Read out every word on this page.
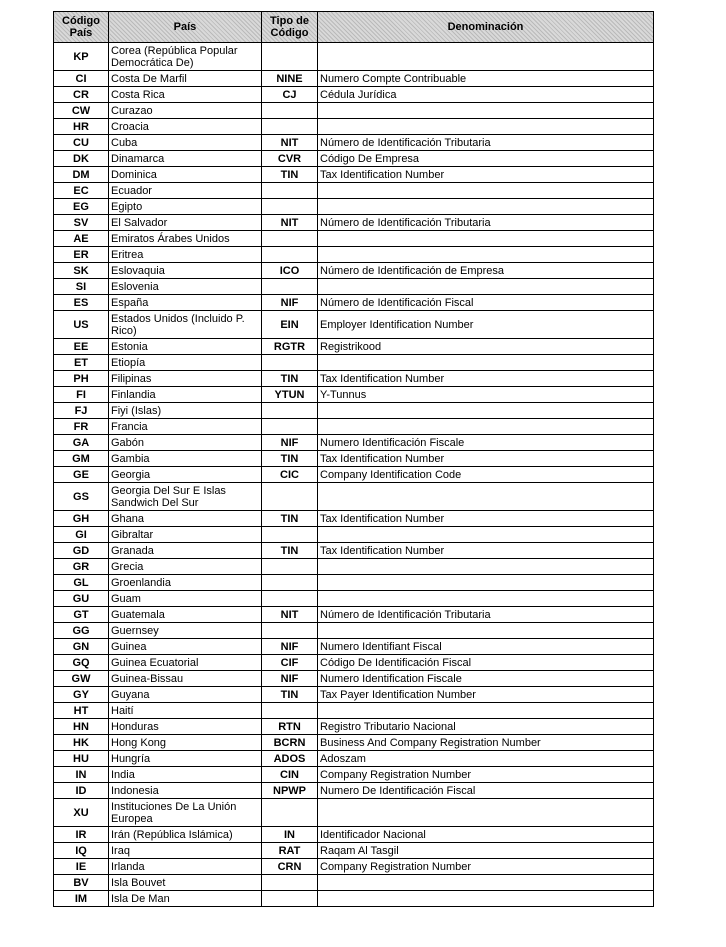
Código País	País	Tipo de Código	Denominación
KP	Corea (República Popular Democrática De)		
CI	Costa De Marfil	NINE	Numero Compte Contribuable
CR	Costa Rica	CJ	Cédula Jurídica
CW	Curazao		
HR	Croacia		
CU	Cuba	NIT	Número de Identificación Tributaria
DK	Dinamarca	CVR	Código De Empresa
DM	Dominica	TIN	Tax Identification Number
EC	Ecuador		
EG	Egipto		
SV	El Salvador	NIT	Número de Identificación Tributaria
AE	Emiratos Árabes Unidos		
ER	Eritrea		
SK	Eslovaquia	ICO	Número de Identificación de Empresa
SI	Eslovenia		
ES	España	NIF	Número de Identificación Fiscal
US	Estados Unidos (Incluido P. Rico)	EIN	Employer Identification Number
EE	Estonia	RGTR	Registrikood
ET	Etiopía		
PH	Filipinas	TIN	Tax Identification Number
FI	Finlandia	YTUN	Y-Tunnus
FJ	Fiyi (Islas)		
FR	Francia		
GA	Gabón	NIF	Numero Identificación Fiscale
GM	Gambia	TIN	Tax Identification Number
GE	Georgia	CIC	Company Identification Code
GS	Georgia Del Sur E Islas Sandwich Del Sur		
GH	Ghana	TIN	Tax Identification Number
GI	Gibraltar		
GD	Granada	TIN	Tax Identification Number
GR	Grecia		
GL	Groenlandia		
GU	Guam		
GT	Guatemala	NIT	Número de Identificación Tributaria
GG	Guernsey		
GN	Guinea	NIF	Numero Identifiant Fiscal
GQ	Guinea Ecuatorial	CIF	Código De Identificación Fiscal
GW	Guinea-Bissau	NIF	Numero Identification Fiscale
GY	Guyana	TIN	Tax Payer Identification Number
HT	Haití		
HN	Honduras	RTN	Registro Tributario Nacional
HK	Hong Kong	BCRN	Business And Company Registration Number
HU	Hungría	ADOS	Adoszam
IN	India	CIN	Company Registration Number
ID	Indonesia	NPWP	Numero De Identificación Fiscal
XU	Instituciones De La Unión Europea		
IR	Irán (República Islámica)	IN	Identificador Nacional
IQ	Iraq	RAT	Raqam Al Tasgil
IE	Irlanda	CRN	Company Registration Number
BV	Isla Bouvet		
IM	Isla De Man		
